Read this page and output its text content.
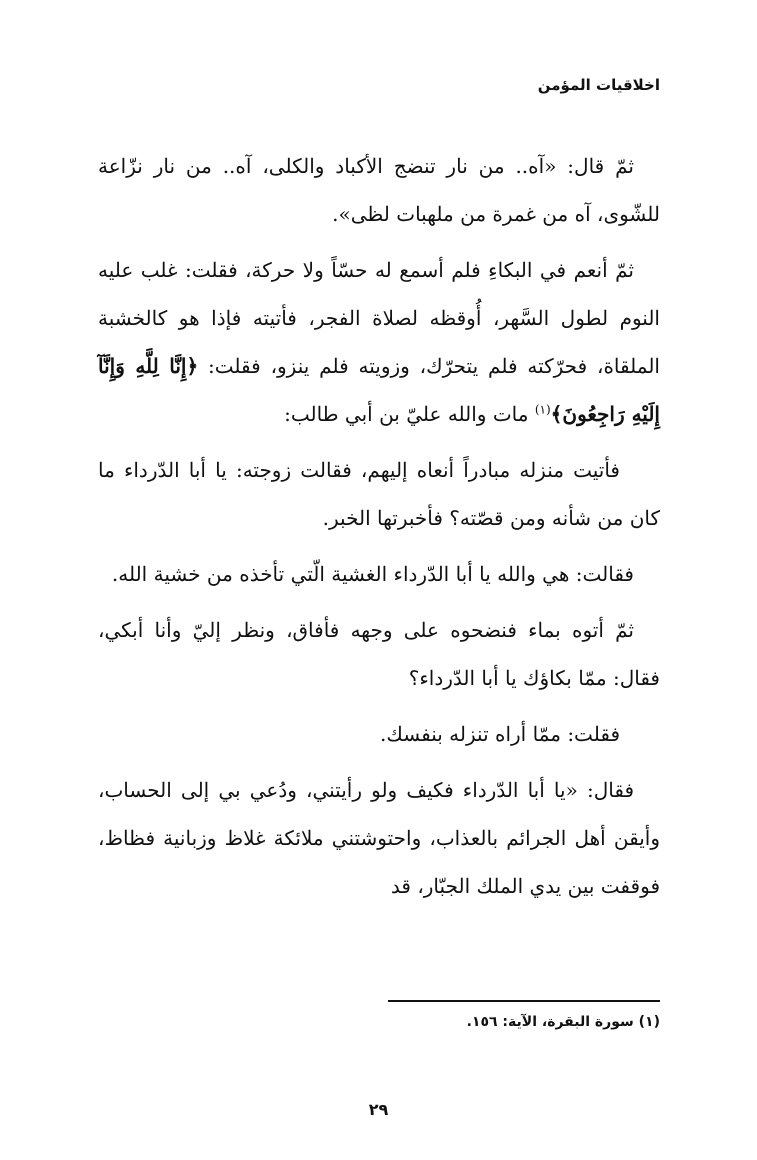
اخلاقيات المؤمن

ثمّ قال: «آه.. من نار تنضج الأكباد والكلى، آه.. من نار نزّاعة للشّوى، آه من غمرة من ملهبات لظى».

ثمّ أنعم في البكاءِ فلم أسمع له حسّاً ولا حركة، فقلت: غلب عليه النوم لطول السَّهر، أُوقظه لصلاة الفجر، فأتيته فإذا هو كالخشبة الملقاة، فحرّكته فلم يتحرّك، وزويته فلم ينزو، فقلت: ﴿إِنَّا لِلَّهِ وَإِنَّآ إِلَيْهِ رَاجِعُونَ﴾$^{(١)}$ مات والله عليّ بن أبي طالب:

فأتيت منزله مبادراً أنعاه إليهم، فقالت زوجته: يا أبا الدّرداء ما كان من شأنه ومن قصّته؟ فأخبرتها الخبر.

فقالت: هي والله يا أبا الدّرداء الغشية الّتي تأخذه من خشية الله.

ثمّ أتوه بماء فنضحوه على وجهه فأفاق، ونظر إليّ وأنا أبكي، فقال: ممّا بكاؤك يا أبا الدّرداء؟

فقلت: ممّا أراه تنزله بنفسك.

فقال: «يا أبا الدّرداء فكيف ولو رأيتني، ودُعي بي إلى الحساب، وأيقن أهل الجرائم بالعذاب، واحتوشتني ملائكة غلاظ وزبانية فظاظ، فوقفت بين يدي الملك الجبّار، قد

(١) سورة البقرة، الآية: ١٥٦.
٢٩
